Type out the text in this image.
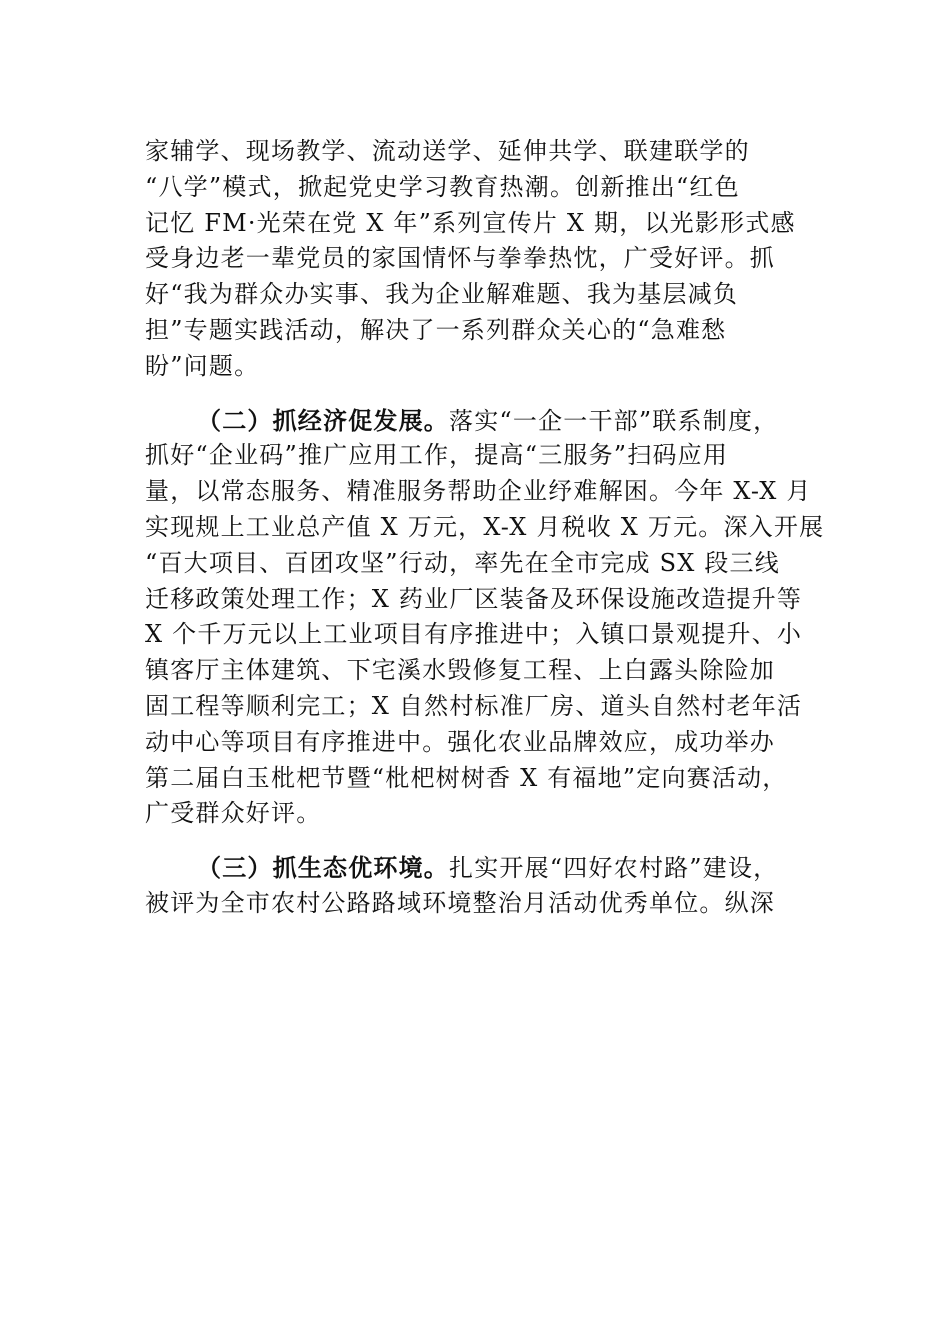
家辅学、现场教学、流动送学、延伸共学、联建联学的
“八学”模式，掀起党史学习教育热潮。创新推出“红色
记忆 FM·光荣在党 X 年”系列宣传片 X 期，以光影形式感
受身边老一辈党员的家国情怀与拳拳热忱，广受好评。抓
好“我为群众办实事、我为企业解难题、我为基层减负
担”专题实践活动，解决了一系列群众关心的“急难愁
盼”问题。
（二）抓经济促发展。落实“一企一干部”联系制度，
抓好“企业码”推广应用工作，提高“三服务”扫码应用
量，以常态服务、精准服务帮助企业纾难解困。今年 X-X 月
实现规上工业总产值 X 万元，X-X 月税收 X 万元。深入开展
“百大项目、百团攻坚”行动，率先在全市完成 SX 段三线
迁移政策处理工作；X 药业厂区装备及环保设施改造提升等
X 个千万元以上工业项目有序推进中；入镇口景观提升、小
镇客厅主体建筑、下宅溪水毁修复工程、上白露头除险加
固工程等顺利完工；X 自然村标准厂房、道头自然村老年活
动中心等项目有序推进中。强化农业品牌效应，成功举办
第二届白玉枇杷节暨“枇杷树树香 X 有福地”定向赛活动，
广受群众好评。
（三）抓生态优环境。扎实开展“四好农村路”建设，
被评为全市农村公路路域环境整治月活动优秀单位。纵深
